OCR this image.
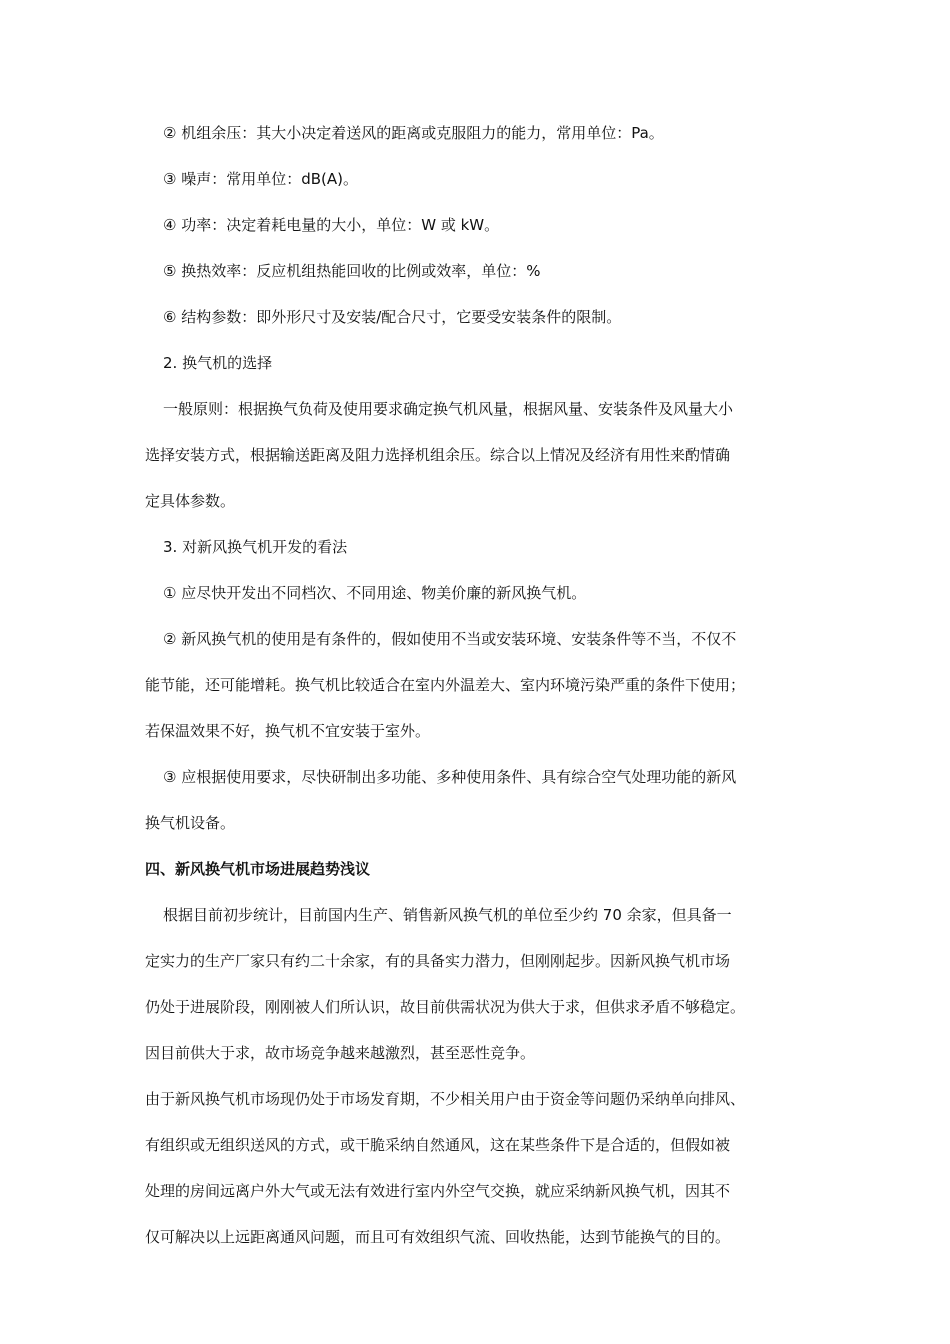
② 机组余压：其大小决定着送风的距离或克服阻力的能力，常用单位：Pa。

③ 噪声：常用单位：dB(A)。

④ 功率：决定着耗电量的大小，单位：W 或 kW。

⑤ 换热效率：反应机组热能回收的比例或效率，单位：%

⑥ 结构参数：即外形尺寸及安装/配合尺寸，它要受安装条件的限制。

2. 换气机的选择

一般原则：根据换气负荷及使用要求确定换气机风量，根据风量、安装条件及风量大小

选择安装方式，根据输送距离及阻力选择机组余压。综合以上情况及经济有用性来酌情确

定具体参数。

3. 对新风换气机开发的看法

① 应尽快开发出不同档次、不同用途、物美价廉的新风换气机。

② 新风换气机的使用是有条件的，假如使用不当或安装环境、安装条件等不当，不仅不

能节能，还可能增耗。换气机比较适合在室内外温差大、室内环境污染严重的条件下使用；

若保温效果不好，换气机不宜安装于室外。

③ 应根据使用要求，尽快研制出多功能、多种使用条件、具有综合空气处理功能的新风

换气机设备。

四、新风换气机市场进展趋势浅议

根据目前初步统计，目前国内生产、销售新风换气机的单位至少约 70 余家，但具备一

定实力的生产厂家只有约二十余家，有的具备实力潜力，但刚刚起步。因新风换气机市场

仍处于进展阶段，刚刚被人们所认识，故目前供需状况为供大于求，但供求矛盾不够稳定。

因目前供大于求，故市场竞争越来越激烈，甚至恶性竞争。

由于新风换气机市场现仍处于市场发育期，不少相关用户由于资金等问题仍采纳单向排风、

有组织或无组织送风的方式，或干脆采纳自然通风，这在某些条件下是合适的，但假如被

处理的房间远离户外大气或无法有效进行室内外空气交换，就应采纳新风换气机，因其不

仅可解决以上远距离通风问题，而且可有效组织气流、回收热能，达到节能换气的目的。
